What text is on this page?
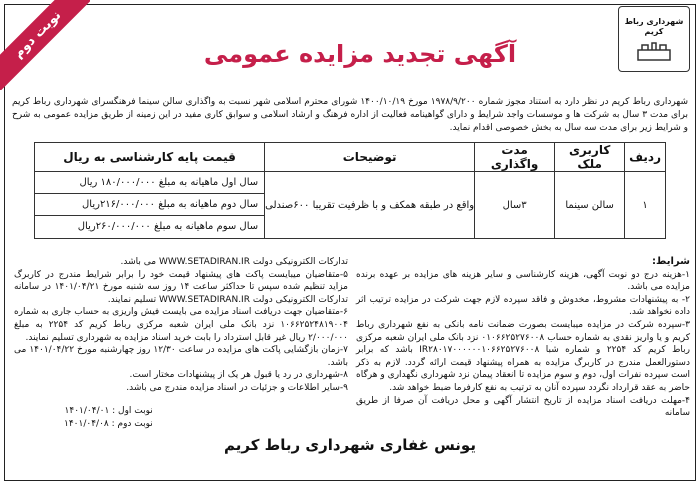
نوبت دوم	شهرداری رباط کریم
آگهی تجدید مزایده عمومی
شهرداری رباط کریم در نظر دارد به استناد مجوز شماره ۱۹۷۸/۹/۲۰۰ مورخ ۱۴۰۰/۱۰/۱۹ شورای محترم اسلامی شهر نسبت به واگذاری سالن سینما فرهنگسرای شهرداری رباط کریم برای مدت ۳ سال به شرکت ها و موسسات واجد شرایط و دارای گواهینامه فعالیت از اداره فرهنگ و ارشاد اسلامی و سوابق کاری مفید در این زمینه از طریق مزایده عمومی به شرح و شرایط زیر برای مدت سه سال به بخش خصوصی اقدام نماید.
ردیف	کاربری ملک	مدت واگذاری	توضیحات	قیمت پایه کارشناسی به ریال
۱	سالن سینما	۳سال	واقع در طبقه همکف و با ظرفیت تقریبا ۶۰۰صندلی	سال اول ماهیانه به مبلغ ۱۸۰/۰۰۰/۰۰۰ ریال
سال دوم ماهیانه به مبلغ ۲۱۶/۰۰۰/۰۰۰ریال
سال سوم ماهیانه به مبلغ ۲۶۰/۰۰۰/۰۰۰ریال
شرایط:
۱-هزینه درج دو نوبت آگهی، هزینه کارشناسی و سایر هزینه های مزایده بر عهده برنده مزایده می باشد.
۲- به پیشنهادات مشروط، مخدوش و فاقد سپرده لازم جهت شرکت در مزایده ترتیب اثر داده نخواهد شد.
۳-سپرده شرکت در مزایده میبایست بصورت ضمانت نامه بانکی به نفع شهرداری رباط کریم و یا واریز نقدی به شماره حساب ۰۱۰۶۶۲۵۲۷۶۰۰۸ نزد بانک ملی ایران شعبه مرکزی رباط کریم کد ۲۲۵۴ و شماره شبا IR۲۸۰۱۷۰۰۰۰۰۰۱۰۶۶۲۵۲۷۶۰۰۸ باشد که برابر دستورالعمل مندرج در کاربرگ مزایده به همراه پیشنهاد قیمت ارائه گردد. لازم به ذکر است سپرده نفرات اول، دوم و سوم مزایده تا انعقاد پیمان نزد شهرداری نگهداری و هرگاه حاضر به عقد قرارداد نگردد سپرده آنان به ترتیب به نفع کارفرما ضبط خواهد شد.
۴-مهلت دریافت اسناد مزایده از تاریخ انتشار آگهی و محل دریافت آن صرفا از طریق سامانه
تدارکات الکترونیکی دولت WWW.SETADIRAN.IR می باشد.
۵-متقاضیان میبایست پاکت های پیشنهاد قیمت خود را برابر شرایط مندرج در کاربرگ مزاید تنظیم شده سپس تا حداکثر ساعت ۱۴ روز سه شنبه مورخ ۱۴۰۱/۰۴/۲۱ در سامانه تدارکات الکترونیکی دولت WWW.SETADIRAN.IR تسلیم نمایند.
۶-متقاضیان جهت دریافت اسناد مزایده می بایست فیش واریزی به حساب جاری به شماره ۱۰۶۶۲۵۲۴۸۱۹۰۰۴ نزد بانک ملی ایران شعبه مرکزی رباط کریم کد ۲۲۵۴ به مبلغ ۲/۰۰۰/۰۰۰ ریال غیر قابل استرداد را بابت خرید اسناد مزایده به شهرداری تسلیم نمایند.
۷-زمان بازگشایی پاکت های مزایده در ساعت ۱۲/۳۰ روز چهارشنبه مورخ ۱۴۰۱/۰۴/۲۲ می باشد.
۸-شهرداری در رد یا قبول هر یک از پیشنهادات مختار است.
۹-سایر اطلاعات و جزئیات در اسناد مزایده مندرج می باشد.
نوبت اول : ۱۴۰۱/۰۴/۰۱
نوبت دوم : ۱۴۰۱/۰۴/۰۸
یونس غفاری شهرداری رباط کریم
